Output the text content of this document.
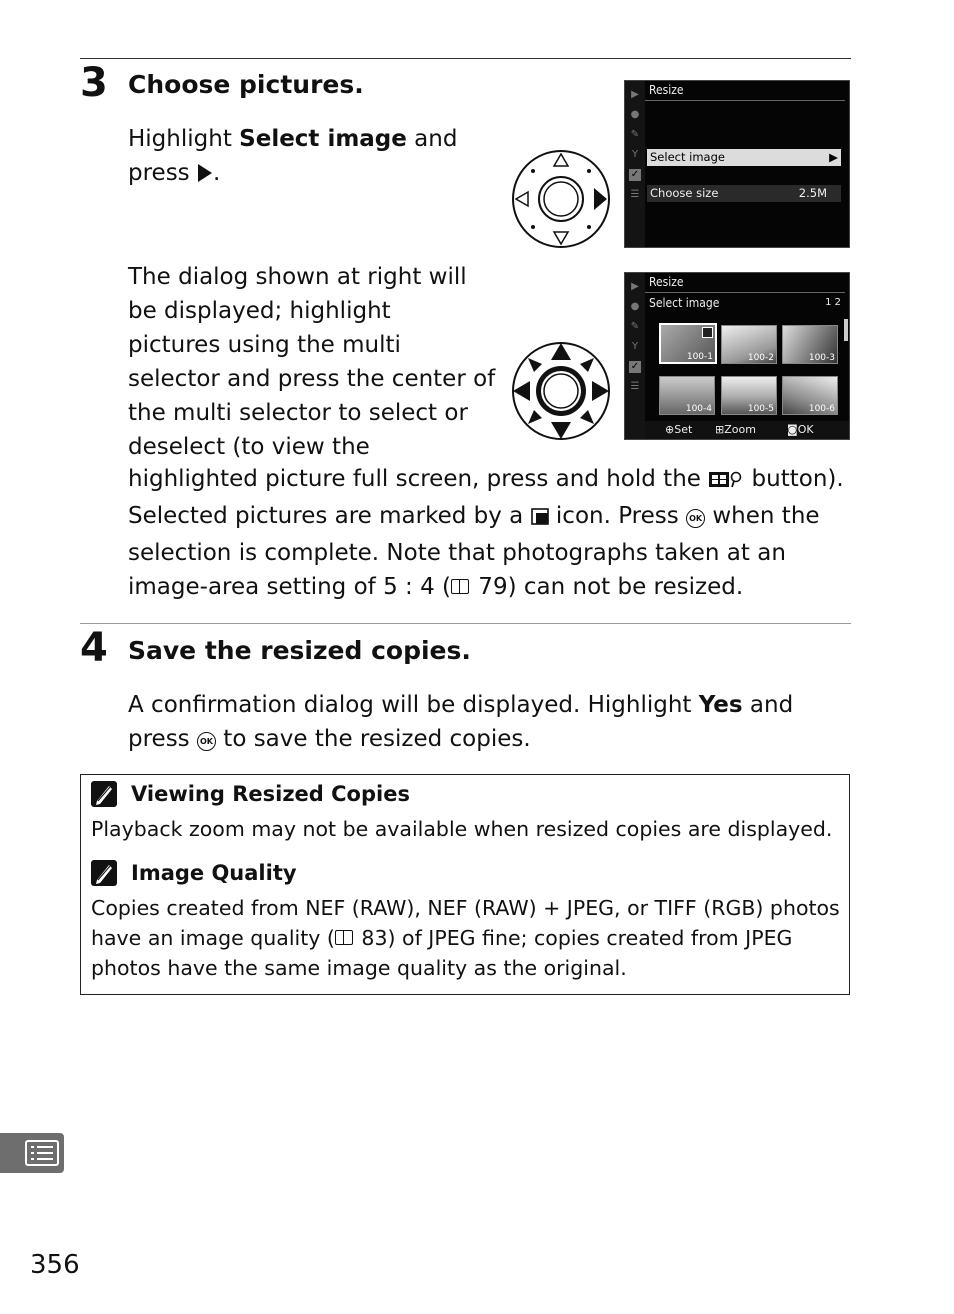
3 Choose pictures.

Highlight Select image and
press .

▶
●
✎
Y
✓
☰
Resize
Select image	▶
Choose size	2.5M

The dialog shown at right will
be displayed; highlight
pictures using the multi
selector and press the center of
the multi selector to select or
deselect (to view the

highlighted picture full screen, press and hold the  button).
Selected pictures are marked by a  icon. Press OK when the
selection is complete. Note that photographs taken at an
image-area setting of 5 : 4 ( 79) can not be resized.

▶
●
✎
Y
✓
☰
Resize
Select image	1 2
100-1	100-2	100-3
100-4	100-5	100-6
⊕Set ⊞Zoom	◙OK
4 Save the resized copies.

A confirmation dialog will be displayed. Highlight Yes and
press OK to save the resized copies.

Viewing Resized Copies

Playback zoom may not be available when resized copies are displayed.

Image Quality

Copies created from NEF (RAW), NEF (RAW) + JPEG, or TIFF (RGB) photos
have an image quality ( 83) of JPEG fine; copies created from JPEG
photos have the same image quality as the original.

356
